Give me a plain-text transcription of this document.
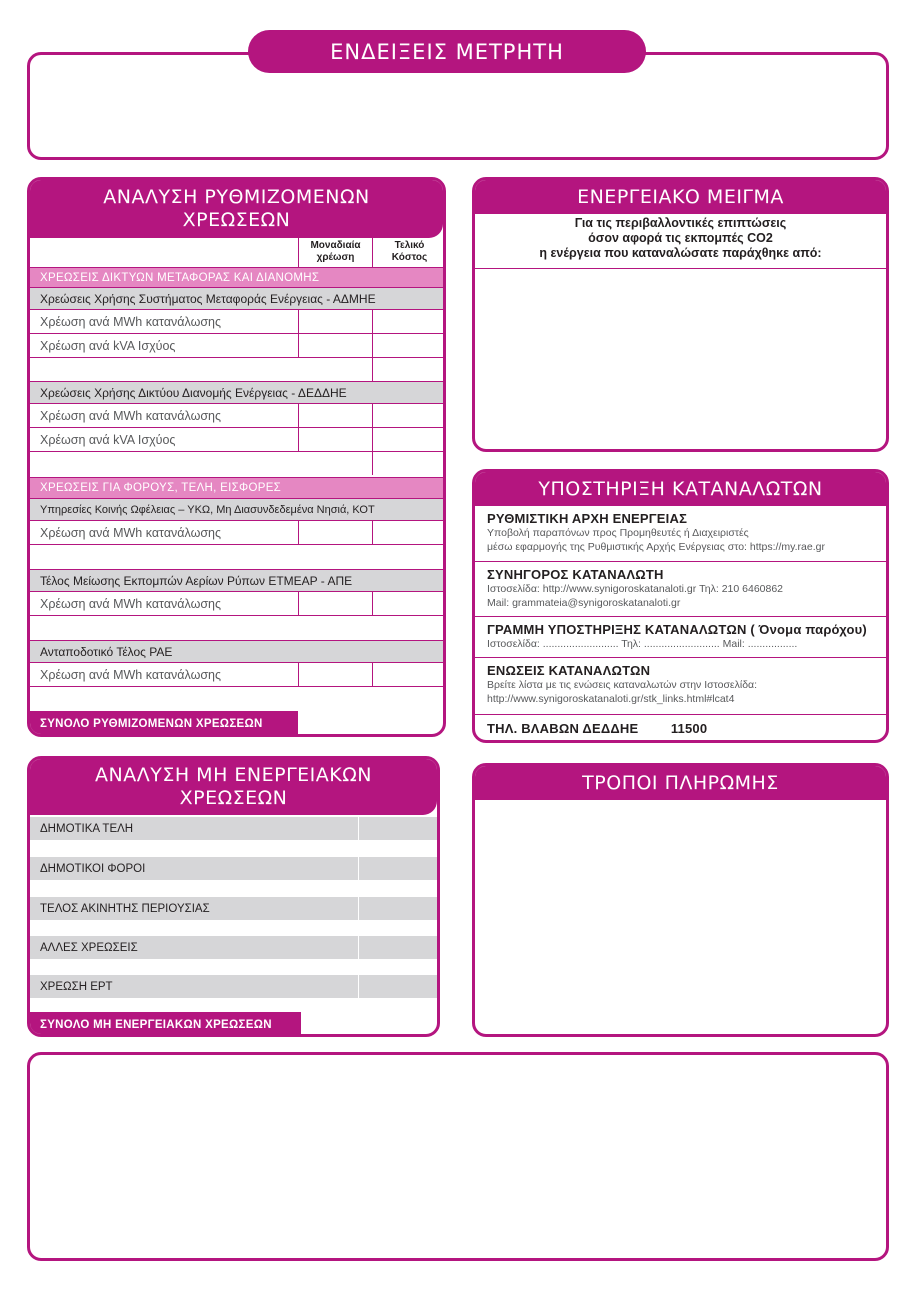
ΕΝΔΕΙΞΕΙΣ ΜΕΤΡΗΤΗ
ΑΝΑΛΥΣΗ ΡΥΘΜΙΖΟΜΕΝΩΝ
ΧΡΕΩΣΕΩΝ
Μοναδιαία
χρέωση
Τελικό
Κόστος
ΧΡΕΩΣΕΙΣ ΔΙΚΤΥΩΝ ΜΕΤΑΦΟΡΑΣ ΚΑΙ ΔΙΑΝΟΜΗΣ
Χρεώσεις Χρήσης Συστήματος Μεταφοράς Ενέργειας - ΑΔΜΗΕ
Χρέωση ανά MWh κατανάλωσης
Χρέωση ανά kVA Ισχύος
Χρεώσεις Χρήσης Δικτύου Διανομής Ενέργειας - ΔΕΔΔΗΕ
Χρέωση ανά MWh κατανάλωσης
Χρέωση ανά kVA Ισχύος
ΧΡΕΩΣΕΙΣ ΓΙΑ ΦΟΡΟΥΣ, ΤΕΛΗ, ΕΙΣΦΟΡΕΣ
Υπηρεσίες Κοινής Ωφέλειας – ΥΚΩ, Μη Διασυνδεδεμένα Νησιά, ΚΟΤ
Χρέωση ανά MWh κατανάλωσης
Τέλος Μείωσης Εκπομπών Αερίων Ρύπων ΕΤΜΕΑΡ - ΑΠΕ
Χρέωση ανά MWh κατανάλωσης
Ανταποδοτικό Τέλος ΡΑΕ
Χρέωση ανά MWh κατανάλωσης
ΣΥΝΟΛΟ ΡΥΘΜΙΖΟΜΕΝΩΝ ΧΡΕΩΣΕΩΝ
ΑΝΑΛΥΣΗ ΜΗ ΕΝΕΡΓΕΙΑΚΩΝ
ΧΡΕΩΣΕΩΝ
ΔΗΜΟΤΙΚΑ ΤΕΛΗ
ΔΗΜΟΤΙΚΟΙ ΦΟΡΟΙ
ΤΕΛΟΣ ΑΚΙΝΗΤΗΣ ΠΕΡΙΟΥΣΙΑΣ
ΑΛΛΕΣ ΧΡΕΩΣΕΙΣ
ΧΡΕΩΣΗ ΕΡΤ
ΣΥΝΟΛΟ ΜΗ ΕΝΕΡΓΕΙΑΚΩΝ ΧΡΕΩΣΕΩΝ
ΕΝΕΡΓΕΙΑΚΟ ΜΕΙΓΜΑ
Για τις περιβαλλοντικές επιπτώσεις
όσον αφορά τις εκπομπές CO2
η ενέργεια που καταναλώσατε παράχθηκε από:
ΥΠΟΣΤΗΡΙΞΗ ΚΑΤΑΝΑΛΩΤΩΝ
ΡΥΘΜΙΣΤΙΚΗ ΑΡΧΗ ΕΝΕΡΓΕΙΑΣ
Υποβολή παραπόνων προς Προμηθευτές ή Διαχειριστές
μέσω εφαρμογής της Ρυθμιστικής Αρχής Ενέργειας στο: https://my.rae.gr
ΣΥΝΗΓΟΡΟΣ ΚΑΤΑΝΑΛΩΤΗ
Ιστοσελίδα: http://www.synigoroskatanaloti.gr Τηλ: 210 6460862
Mail: grammateia@synigoroskatanaloti.gr
ΓΡΑΜΜΗ ΥΠΟΣΤΗΡΙΞΗΣ ΚΑΤΑΝΑΛΩΤΩΝ ( Όνομα παρόχου)
Ιστοσελίδα: .......................... Τηλ: .......................... Mail: .................
ΕΝΩΣΕΙΣ ΚΑΤΑΝΑΛΩΤΩΝ
Βρείτε λίστα με τις ενώσεις καταναλωτών στην Ιστοσελίδα:
http://www.synigoroskatanaloti.gr/stk_links.html#lcat4
ΤΗΛ. ΒΛΑΒΩΝ ΔΕΔΔΗΕ 11500
ΤΡΟΠΟΙ ΠΛΗΡΩΜΗΣ
